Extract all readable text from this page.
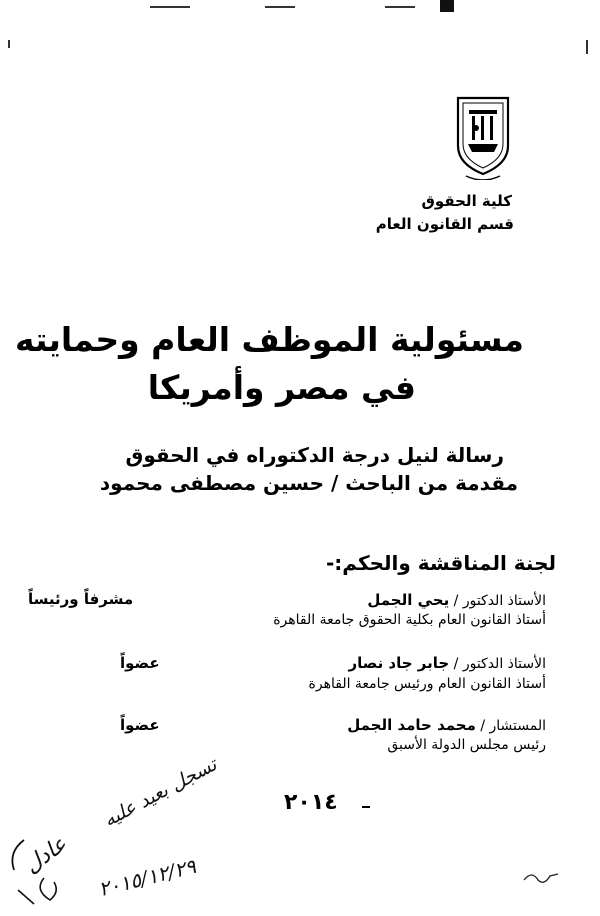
كلية الحقوق
قسم القانون العام
مسئولية الموظف العام وحمايته
في مصر وأمريكا
رسالة لنيل درجة الدكتوراه في الحقوق
مقدمة من الباحث / حسين مصطفى محمود
لجنة المناقشة والحكم:-
الأستاذ الدكتور / يحي الجمل
مشرفاً ورئيساً
أستاذ القانون العام بكلية الحقوق جامعة القاهرة
الأستاذ الدكتور / جابر جاد نصار
عضواً
أستاذ القانون العام ورئيس جامعة القاهرة
المستشار / محمد حامد الجمل
عضواً
رئيس مجلس الدولة الأسبق
٢٠١٤
تسجل بعيد عليه
٢٠١٥/١٢/٢٩
عادل
